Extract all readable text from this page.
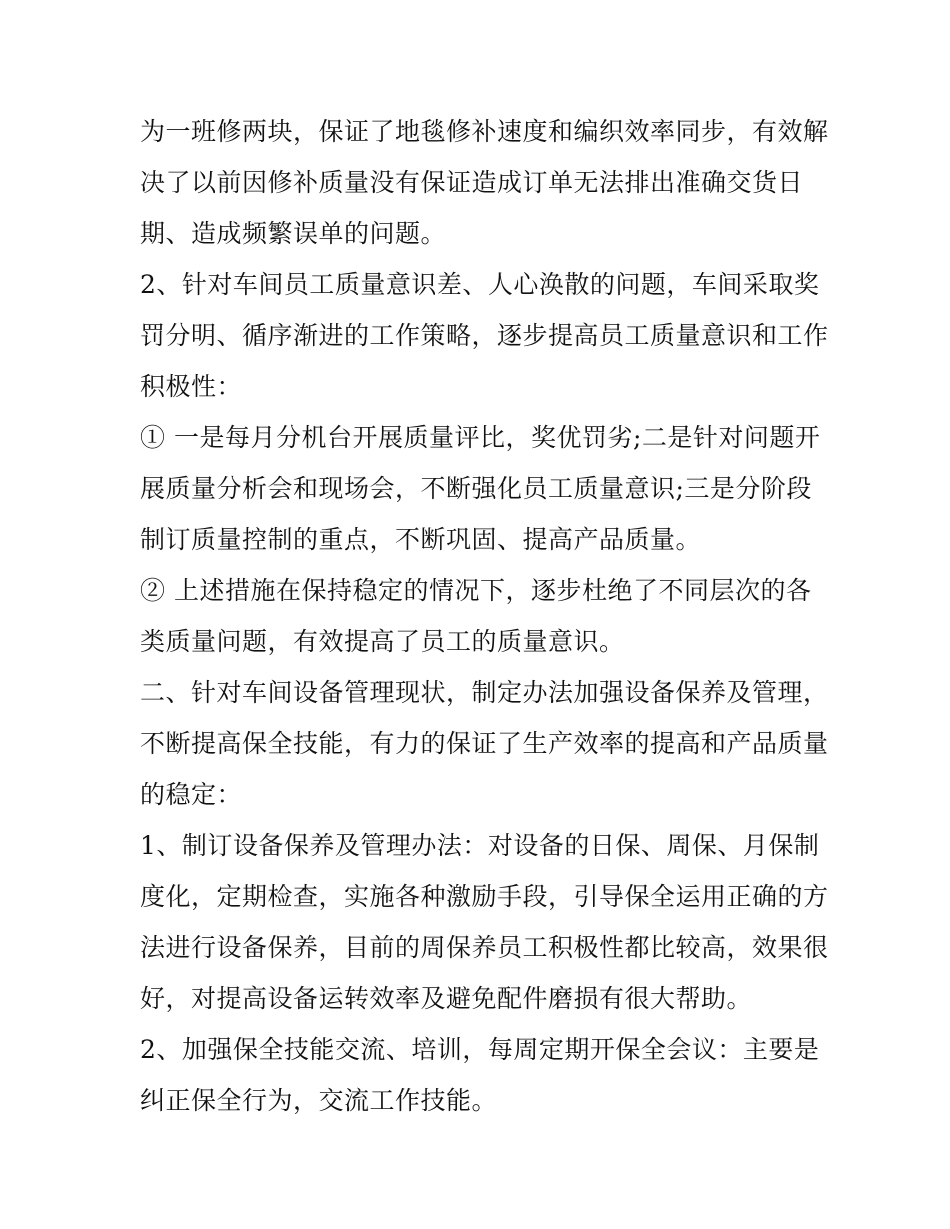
为一班修两块，保证了地毯修补速度和编织效率同步，有效解
决了以前因修补质量没有保证造成订单无法排出准确交货日
期、造成频繁误单的问题。
2、针对车间员工质量意识差、人心涣散的问题，车间采取奖
罚分明、循序渐进的工作策略，逐步提高员工质量意识和工作
积极性：
① 一是每月分机台开展质量评比，奖优罚劣;二是针对问题开
展质量分析会和现场会，不断强化员工质量意识;三是分阶段
制订质量控制的重点，不断巩固、提高产品质量。
② 上述措施在保持稳定的情况下，逐步杜绝了不同层次的各
类质量问题，有效提高了员工的质量意识。
二、针对车间设备管理现状，制定办法加强设备保养及管理，
不断提高保全技能，有力的保证了生产效率的提高和产品质量
的稳定：
1、制订设备保养及管理办法：对设备的日保、周保、月保制
度化，定期检查，实施各种激励手段，引导保全运用正确的方
法进行设备保养，目前的周保养员工积极性都比较高，效果很
好，对提高设备运转效率及避免配件磨损有很大帮助。
2、加强保全技能交流、培训，每周定期开保全会议：主要是
纠正保全行为，交流工作技能。
